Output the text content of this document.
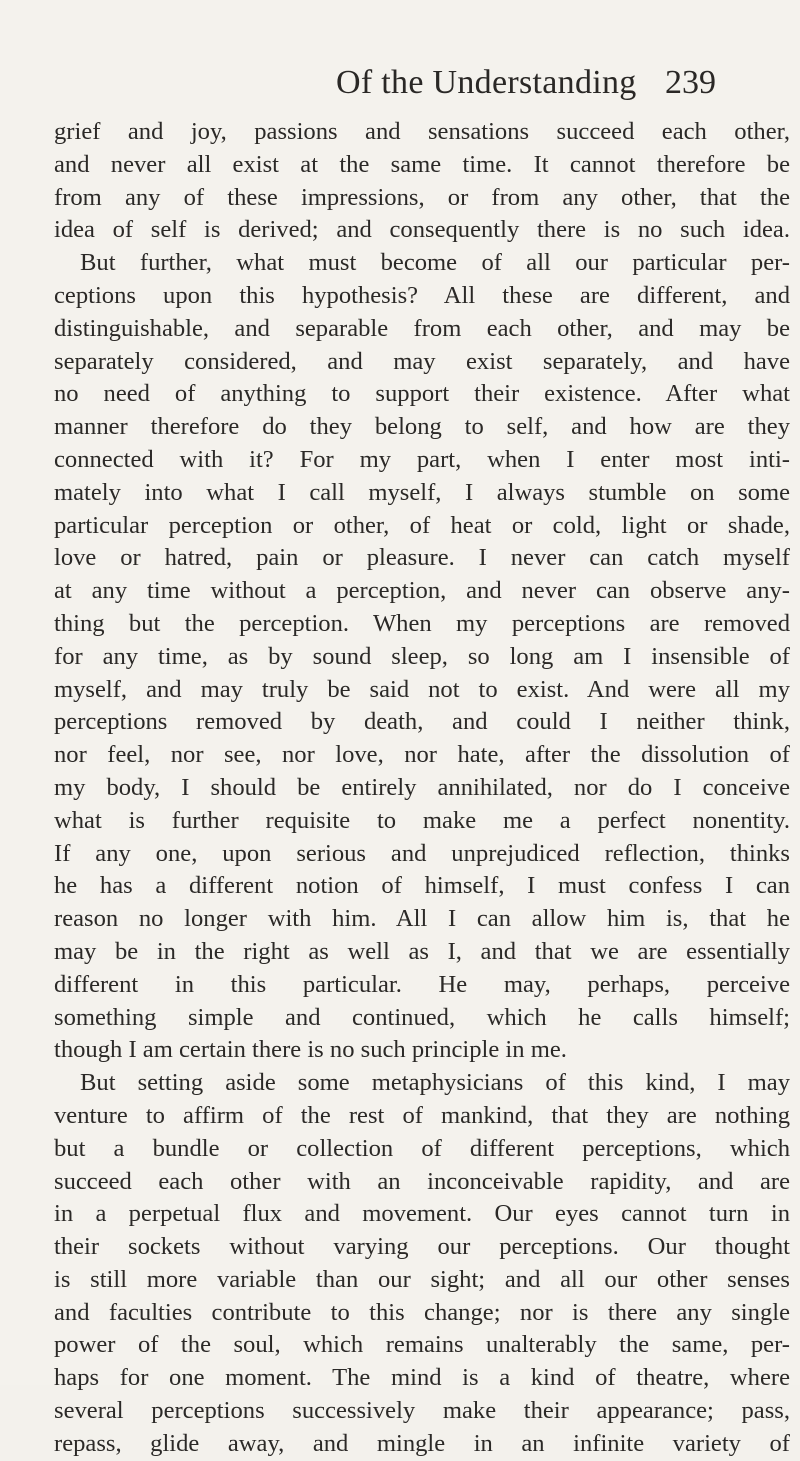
Of the Understanding 239
grief and joy, passions and sensations succeed each other,
and never all exist at the same time. It cannot therefore be
from any of these impressions, or from any other, that the
idea of self is derived; and consequently there is no such idea.
But further, what must become of all our particular per-
ceptions upon this hypothesis? All these are different, and
distinguishable, and separable from each other, and may be
separately considered, and may exist separately, and have
no need of anything to support their existence. After what
manner therefore do they belong to self, and how are they
connected with it? For my part, when I enter most inti-
mately into what I call myself, I always stumble on some
particular perception or other, of heat or cold, light or shade,
love or hatred, pain or pleasure. I never can catch myself
at any time without a perception, and never can observe any-
thing but the perception. When my perceptions are removed
for any time, as by sound sleep, so long am I insensible of
myself, and may truly be said not to exist. And were all my
perceptions removed by death, and could I neither think,
nor feel, nor see, nor love, nor hate, after the dissolution of
my body, I should be entirely annihilated, nor do I conceive
what is further requisite to make me a perfect nonentity.
If any one, upon serious and unprejudiced reflection, thinks
he has a different notion of himself, I must confess I can
reason no longer with him. All I can allow him is, that he
may be in the right as well as I, and that we are essentially
different in this particular. He may, perhaps, perceive
something simple and continued, which he calls himself;
though I am certain there is no such principle in me.
But setting aside some metaphysicians of this kind, I may
venture to affirm of the rest of mankind, that they are nothing
but a bundle or collection of different perceptions, which
succeed each other with an inconceivable rapidity, and are
in a perpetual flux and movement. Our eyes cannot turn in
their sockets without varying our perceptions. Our thought
is still more variable than our sight; and all our other senses
and faculties contribute to this change; nor is there any single
power of the soul, which remains unalterably the same, per-
haps for one moment. The mind is a kind of theatre, where
several perceptions successively make their appearance; pass,
repass, glide away, and mingle in an infinite variety of
